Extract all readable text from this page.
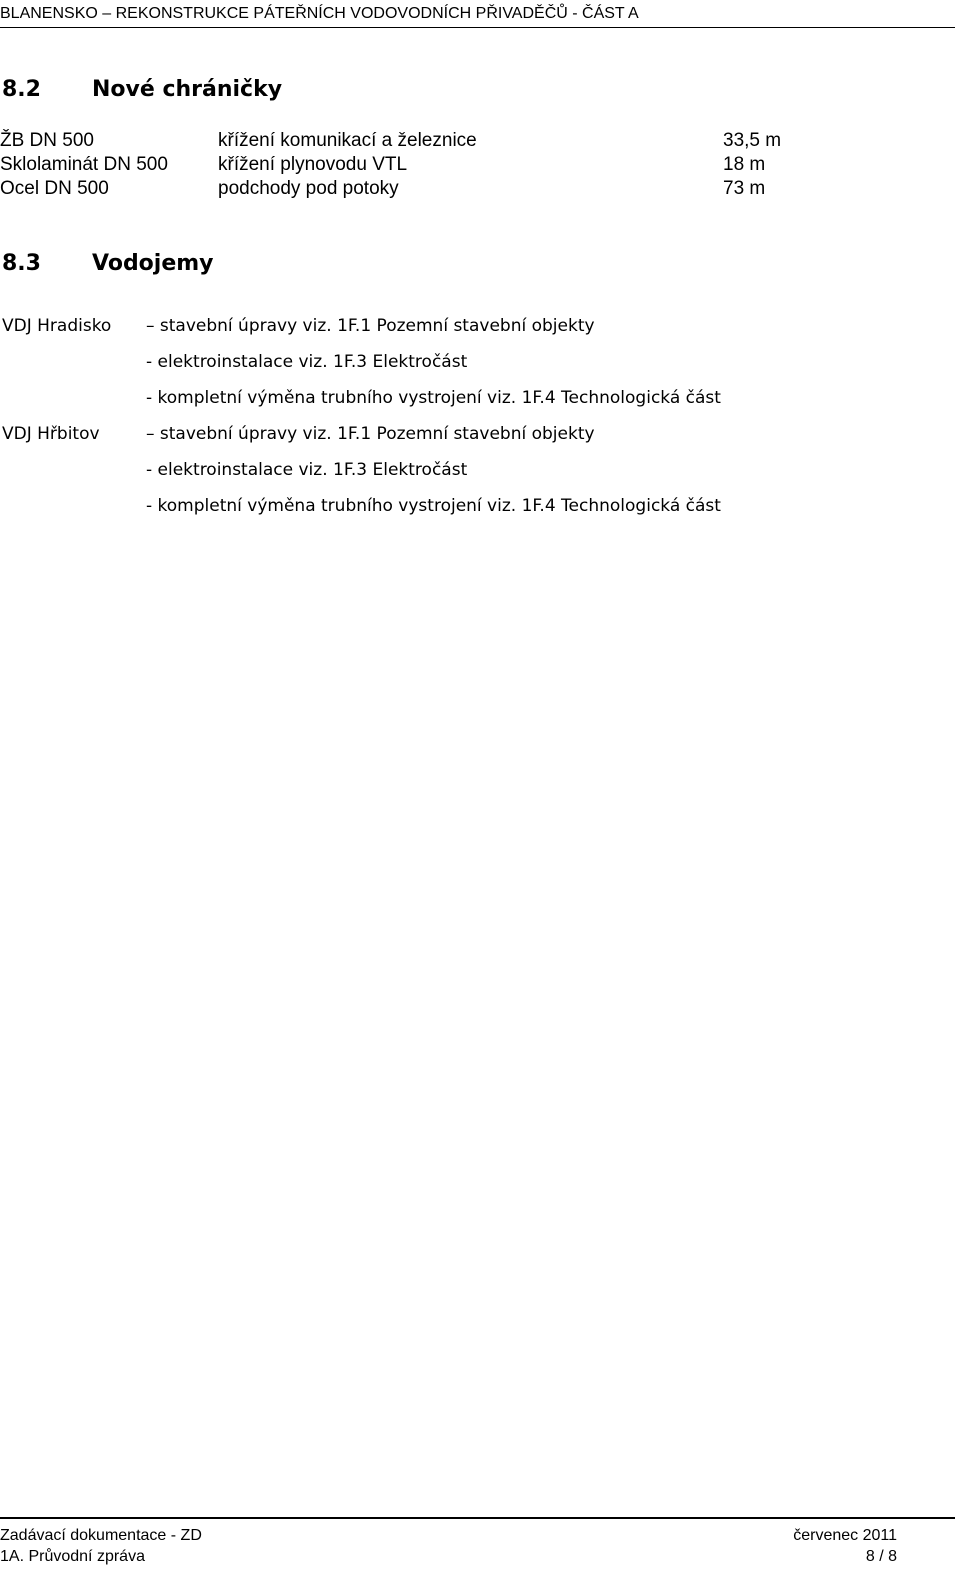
BLANENSKO – REKONSTRUKCE PÁTEŘNÍCH VODOVODNÍCH PŘIVADĚČŮ - ČÁST A
8.2 Nové chráničky
ŽB DN 500	křížení komunikací a železnice	33,5 m
Sklolaminát DN 500	křížení plynovodu VTL	18 m
Ocel DN 500	podchody pod potoky	73 m
8.3 Vodojemy
VDJ Hradisko – stavební úpravy viz. 1F.1 Pozemní stavební objekty
- elektroinstalace viz. 1F.3 Elektročást
- kompletní výměna trubního vystrojení viz. 1F.4 Technologická část
VDJ Hřbitov	– stavební úpravy viz. 1F.1 Pozemní stavební objekty
- elektroinstalace viz. 1F.3 Elektročást
- kompletní výměna trubního vystrojení viz. 1F.4 Technologická část
Zadávací dokumentace - ZD	červenec 2011
1A. Průvodní zpráva	8 / 8
